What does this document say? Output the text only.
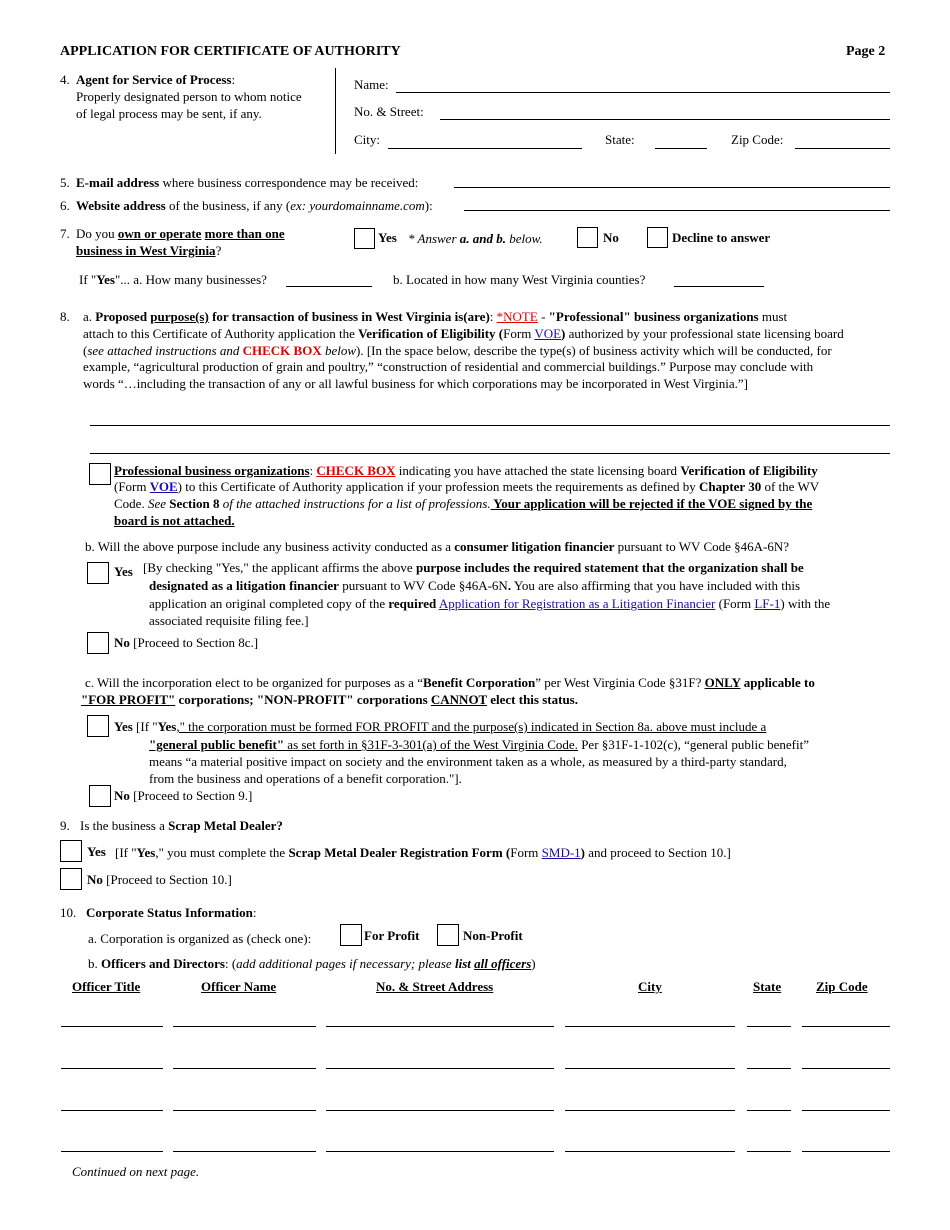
APPLICATION FOR CERTIFICATE OF AUTHORITY	Page 2
4. Agent for Service of Process:
Properly designated person to whom notice
of legal process may be sent, if any.
Name:
No. & Street:
City:	State:	Zip Code:
5. E-mail address where business correspondence may be received:
6. Website address of the business, if any (ex: yourdomainname.com):
7. Do you own or operate more than one
business in West Virginia?
Yes * Answer a. and b. below.	No	Decline to answer
If "Yes"... a. How many businesses?	b. Located in how many West Virginia counties?
8. a. Proposed purpose(s) for transaction of business in West Virginia is(are): *NOTE - "Professional" business organizations must
attach to this Certificate of Authority application the Verification of Eligibility (Form VOE) authorized by your professional state licensing board
(see attached instructions and CHECK BOX below). [In the space below, describe the type(s) of business activity which will be conducted, for
example, “agricultural production of grain and poultry,” “construction of residential and commercial buildings.” Purpose may conclude with
words “…including the transaction of any or all lawful business for which corporations may be incorporated in West Virginia.”]
Professional business organizations: CHECK BOX indicating you have attached the state licensing board Verification of Eligibility
(Form VOE) to this Certificate of Authority application if your profession meets the requirements as defined by Chapter 30 of the WV
Code. See Section 8 of the attached instructions for a list of professions. Your application will be rejected if the VOE signed by the
board is not attached.
b. Will the above purpose include any business activity conducted as a consumer litigation financier pursuant to WV Code §46A-6N?
Yes [By checking "Yes," the applicant affirms the above purpose includes the required statement that the organization shall be
designated as a litigation financier pursuant to WV Code §46A-6N. You are also affirming that you have included with this
application an original completed copy of the required Application for Registration as a Litigation Financier (Form LF-1) with the
associated requisite filing fee.]
No [Proceed to Section 8c.]
c. Will the incorporation elect to be organized for purposes as a “Benefit Corporation” per West Virginia Code §31F? ONLY applicable to
"FOR PROFIT" corporations; "NON-PROFIT" corporations CANNOT elect this status.
Yes [If "Yes," the corporation must be formed FOR PROFIT and the purpose(s) indicated in Section 8a. above must include a
"general public benefit" as set forth in §31F-3-301(a) of the West Virginia Code. Per §31F-1-102(c), “general public benefit”
means “a material positive impact on society and the environment taken as a whole, as measured by a third-party standard,
from the business and operations of a benefit corporation."].
No [Proceed to Section 9.]
9. Is the business a Scrap Metal Dealer?
Yes [If "Yes," you must complete the Scrap Metal Dealer Registration Form (Form SMD-1) and proceed to Section 10.]
No [Proceed to Section 10.]
10. Corporate Status Information:
a. Corporation is organized as (check one):	For Profit	Non-Profit
b. Officers and Directors: (add additional pages if necessary; please list all officers)
Officer Title	Officer Name	No. & Street Address	City	State	Zip Code
Continued on next page.
